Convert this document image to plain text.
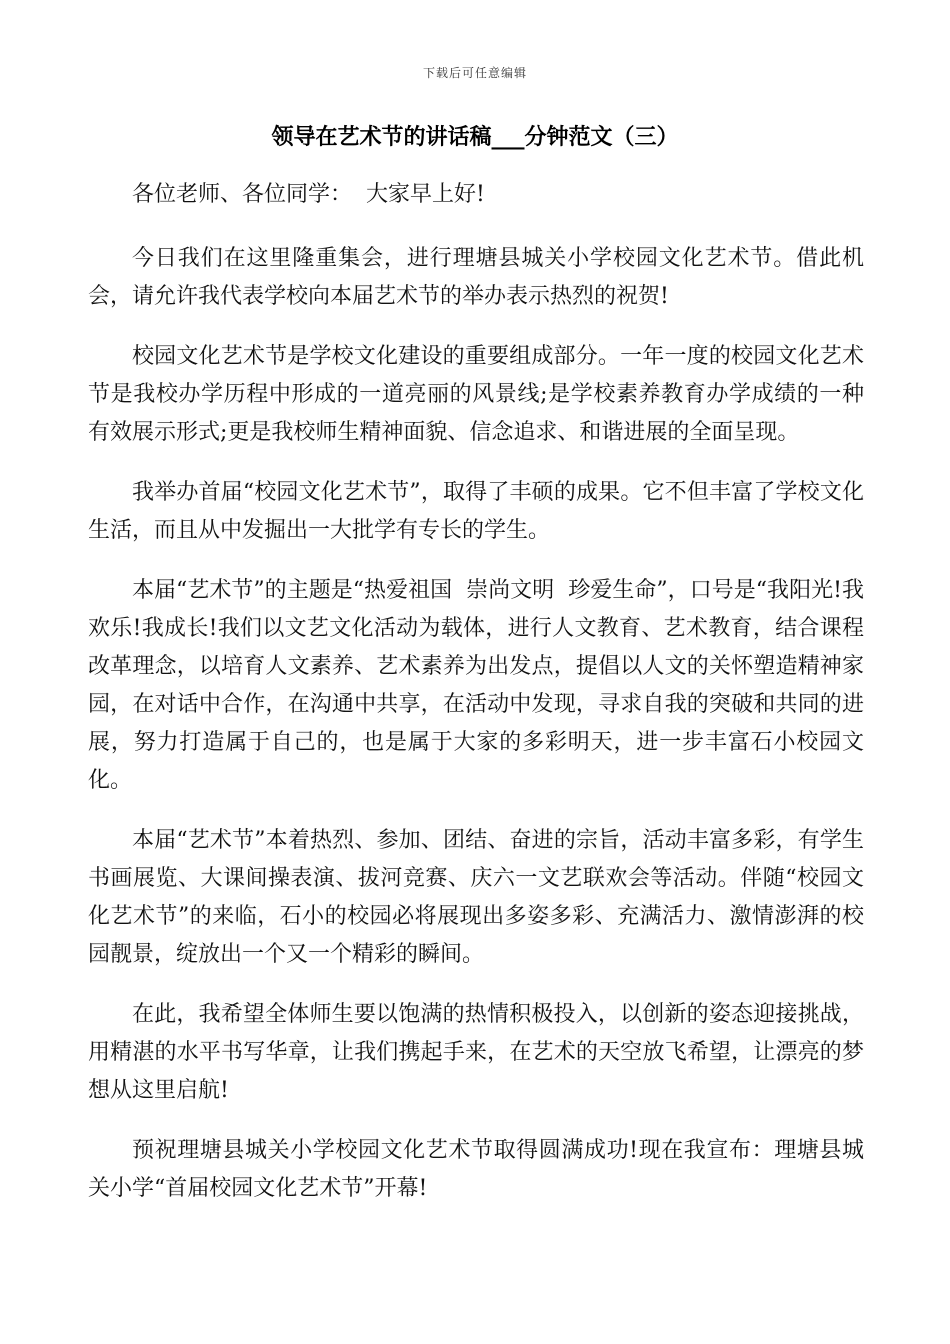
下载后可任意编辑
领导在艺术节的讲话稿___分钟范文（三）

各位老师、各位同学：  大家早上好!

今日我们在这里隆重集会，进行理塘县城关小学校园文化艺术节。借此机会，请允许我代表学校向本届艺术节的举办表示热烈的祝贺!

校园文化艺术节是学校文化建设的重要组成部分。一年一度的校园文化艺术节是我校办学历程中形成的一道亮丽的风景线;是学校素养教育办学成绩的一种有效展示形式;更是我校师生精神面貌、信念追求、和谐进展的全面呈现。

我举办首届“校园文化艺术节”，取得了丰硕的成果。它不但丰富了学校文化生活，而且从中发掘出一大批学有专长的学生。

本届“艺术节”的主题是“热爱祖国  崇尚文明  珍爱生命”，口号是“我阳光!我欢乐!我成长!我们以文艺文化活动为载体，进行人文教育、艺术教育，结合课程改革理念，以培育人文素养、艺术素养为出发点，提倡以人文的关怀塑造精神家园，在对话中合作，在沟通中共享，在活动中发现，寻求自我的突破和共同的进展，努力打造属于自己的，也是属于大家的多彩明天，进一步丰富石小校园文化。

本届“艺术节”本着热烈、参加、团结、奋进的宗旨，活动丰富多彩，有学生书画展览、大课间操表演、拔河竞赛、庆六一文艺联欢会等活动。伴随“校园文化艺术节”的来临，石小的校园必将展现出多姿多彩、充满活力、激情澎湃的校园靓景，绽放出一个又一个精彩的瞬间。

在此，我希望全体师生要以饱满的热情积极投入，以创新的姿态迎接挑战，用精湛的水平书写华章，让我们携起手来，在艺术的天空放飞希望，让漂亮的梦想从这里启航!

预祝理塘县城关小学校园文化艺术节取得圆满成功!现在我宣布：理塘县城关小学“首届校园文化艺术节”开幕!
